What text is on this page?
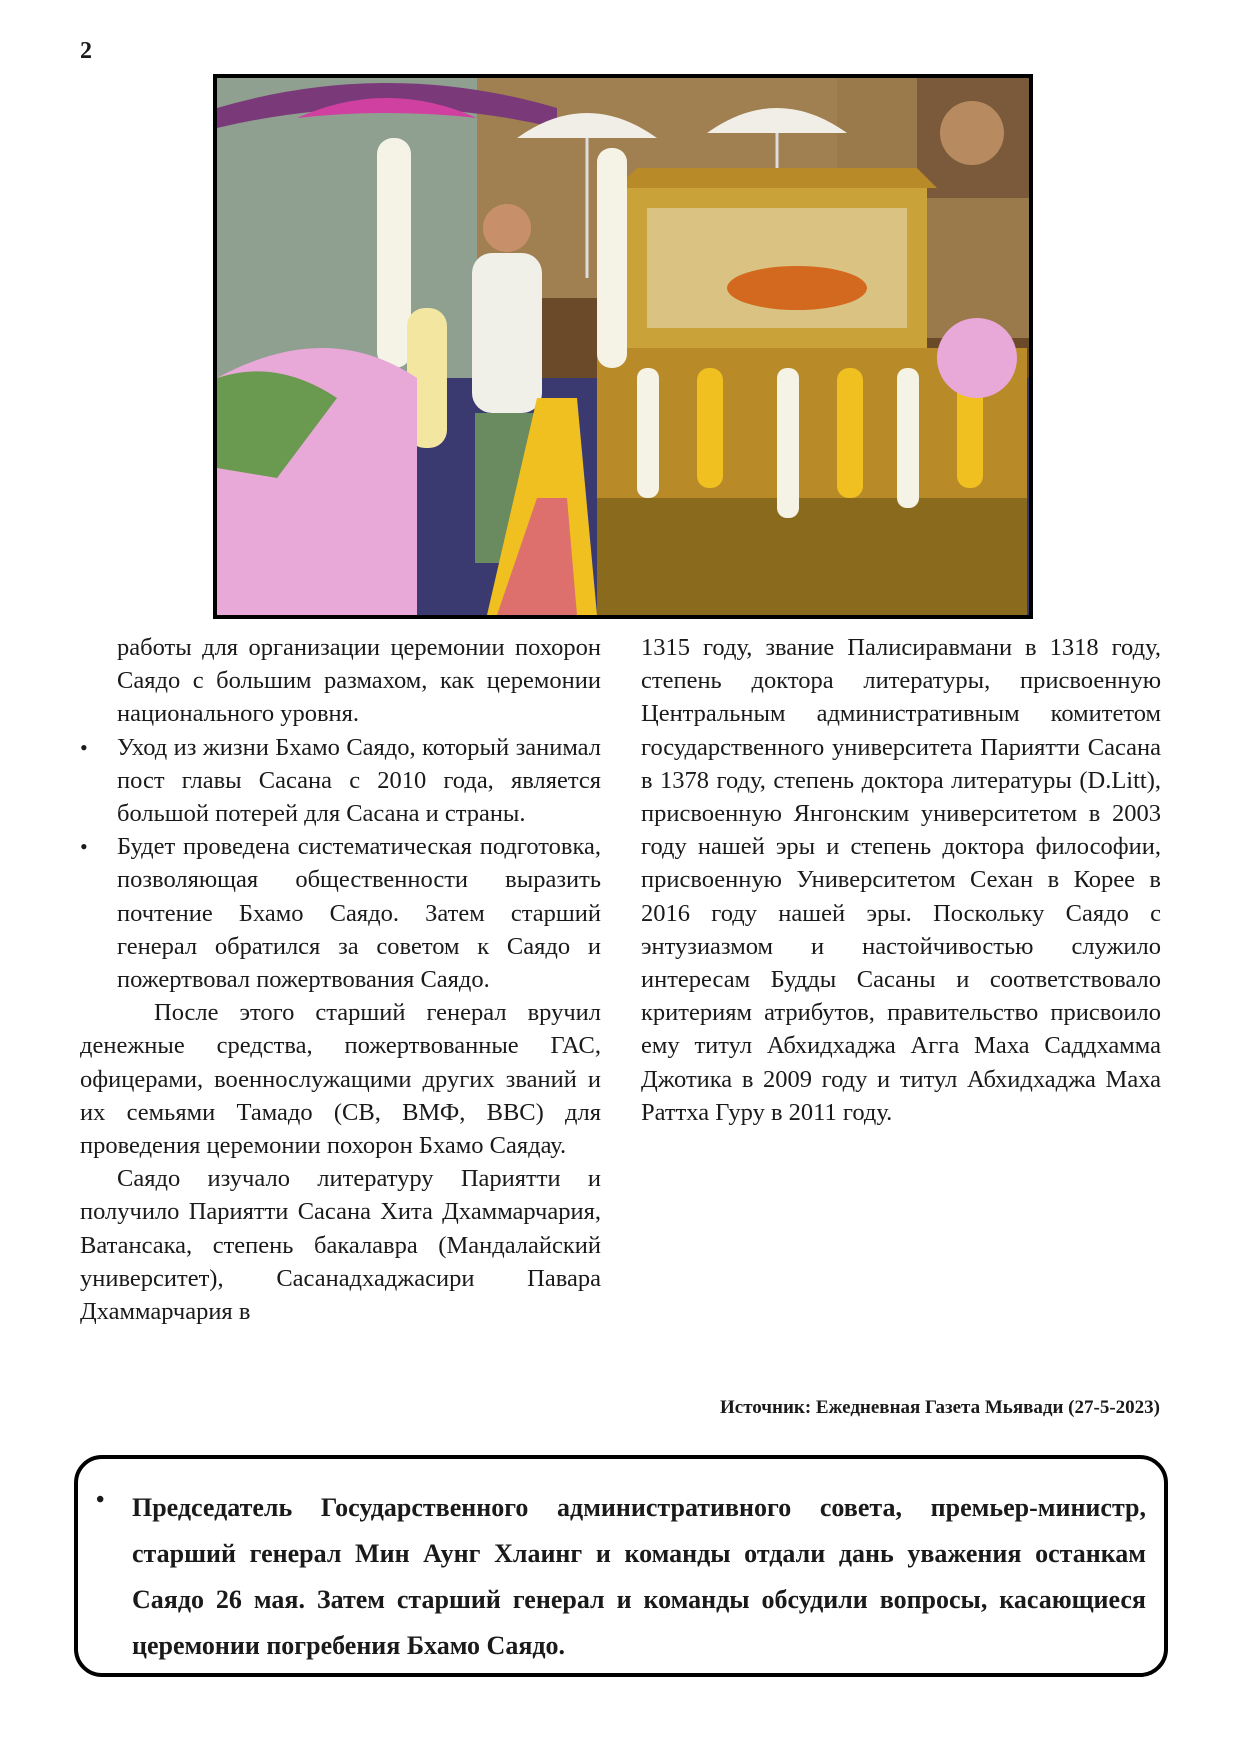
2

работы для организации церемонии похорон Саядо с большим размахом, как церемонии национального уровня.

• Уход из жизни Бхамо Саядо, который занимал пост главы Сасана с 2010 года, является большой потерей для Сасана и страны.

• Будет проведена систематическая подготовка, позволяющая общественности выразить почтение Бхамо Саядо. Затем старший генерал обратился за советом к Саядо и пожертвовал пожертвования Саядо.

После этого старший генерал вручил денежные средства, пожертвованные ГАС, офицерами, военнослужащими других званий и их семьями Тамадо (СВ, ВМФ, ВВС) для проведения церемонии похорон Бхамо Саядау.

Саядо изучало литературу Париятти и получило Париятти Сасана Хита Дхаммарчария, Ватансака, степень бакалавра (Мандалайский университет), Сасанадхаджасири Павара Дхаммарчария в

1315 году, звание Палисиравмани в 1318 году, степень доктора литературы, присвоенную Центральным административным комитетом государственного университета Париятти Сасана в 1378 году, степень доктора литературы (D.Litt), присвоенную Янгонским университетом в 2003 году нашей эры и степень доктора философии, присвоенную Университетом Сехан в Корее в 2016 году нашей эры. Поскольку Саядо с энтузиазмом и настойчивостью служило интересам Будды Сасаны и соответствовало критериям атрибутов, правительство присвоило ему титул Абхидхаджа Агга Маха Саддхамма Джотика в 2009 году и титул Абхидхаджа Маха Раттха Гуру в 2011 году.

Источник: Ежедневная Газета Мьявади (27-5-2023)
• Председатель Государственного административного совета, премьер-министр, старший генерал Мин Аунг Хлаинг и команды отдали дань уважения останкам Саядо 26 мая. Затем старший генерал и команды обсудили вопросы, касающиеся церемонии погребения Бхамо Саядо.
